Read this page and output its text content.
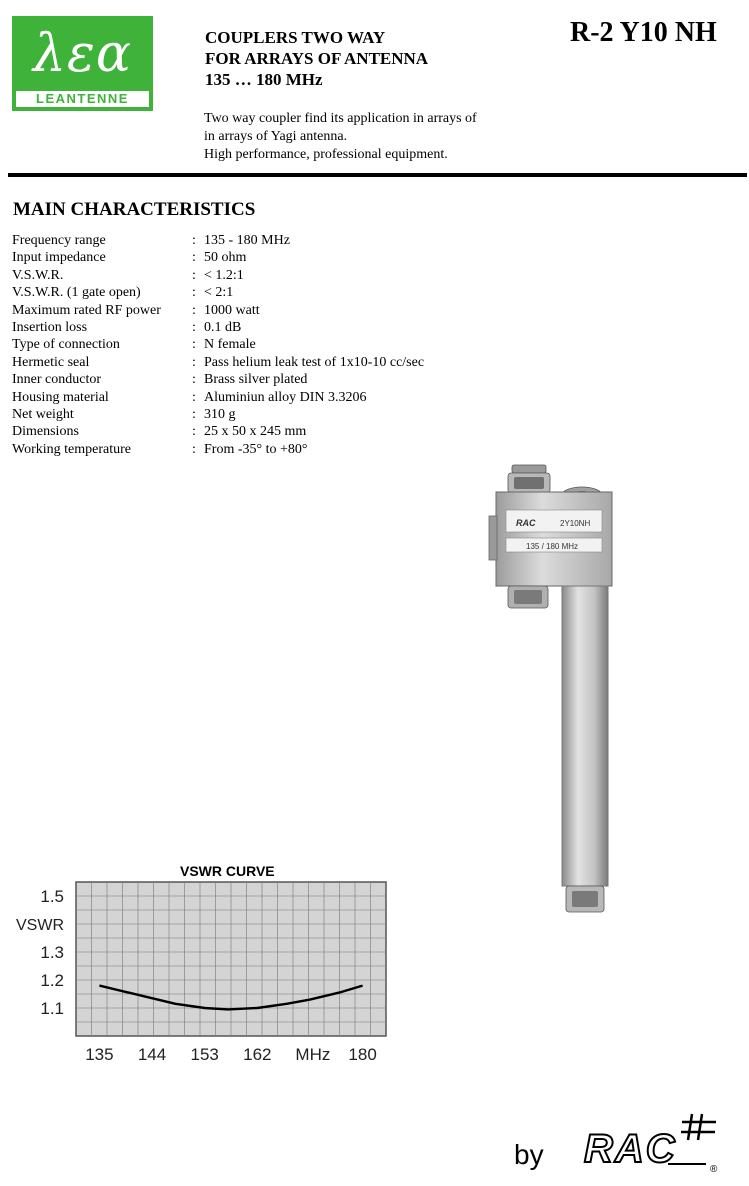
λεα
LEANTENNE
COUPLERS TWO WAY
FOR ARRAYS OF ANTENNA
135 … 180 MHz
R-2 Y10 NH
Two way coupler find its application in arrays of
in arrays of Yagi antenna.
High performance, professional equipment.
MAIN CHARACTERISTICS
Frequency range	: 135 - 180 MHz
Input impedance	: 50 ohm
V.S.W.R.	: < 1.2:1
V.S.W.R. (1 gate open)	: < 2:1
Maximum rated RF power	: 1000 watt
Insertion loss	: 0.1 dB
Type of connection	: N female
Hermetic seal	: Pass helium leak test of 1x10-10 cc/sec
Inner conductor	: Brass silver plated
Housing material	: Aluminiun alloy DIN 3.3206
Net weight	: 310 g
Dimensions	: 25 x 50 x 245 mm
Working temperature	: From -35° to +80°
RAC	2Y10NH
135 / 180 MHz
VSWR CURVE
1.1
1.2
1.3
1.5
VSWR
135 144 153 162	180
MHz
by RAC	®
